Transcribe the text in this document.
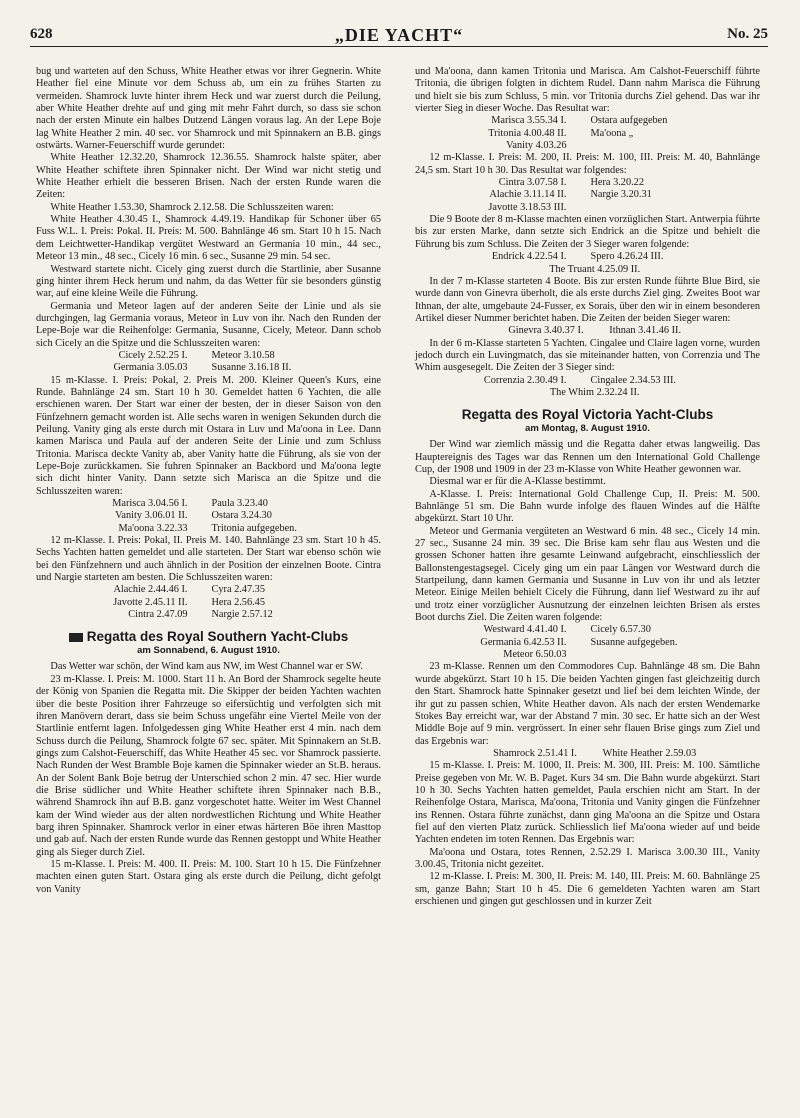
628	„DIE YACHT“	No. 25

bug und warteten auf den Schuss, White Heather etwas vor ihrer Gegnerin. White Heather fiel eine Minute vor dem Schuss ab, um ein zu frühes Starten zu vermeiden. Shamrock luvte hinter ihrem Heck und war zuerst durch die Peilung, aber White Heather drehte auf und ging mit mehr Fahrt durch, so dass sie schon nach der ersten Minute ein halbes Dutzend Längen voraus lag. An der Lepe Boje lag White Heather 2 min. 40 sec. vor Shamrock und mit Spinnakern an B.B. gings ostwärts. Warner-Feuerschiff wurde gerundet:

White Heather 12.32.20, Shamrock 12.36.55. Shamrock halste später, aber White Heather schiftete ihren Spinnaker nicht. Der Wind war nicht stetig und White Heather erhielt die besseren Brisen. Nach der ersten Runde waren die Zeiten:

White Heather 1.53.30, Shamrock 2.12.58. Die Schlusszeiten waren:

White Heather 4.30.45 I., Shamrock 4.49.19. Handikap für Schoner über 65 Fuss W.L. I. Preis: Pokal. II. Preis: M. 500. Bahnlänge 46 sm. Start 10 h 15. Nach dem Leichtwetter-Handikap vergütet Westward an Germania 10 min., 44 sec., Meteor 13 min., 48 sec., Cicely 16 min. 6 sec., Susanne 29 min. 54 sec.

Westward startete nicht. Cicely ging zuerst durch die Startlinie, aber Susanne ging hinter ihrem Heck herum und nahm, da das Wetter für sie besonders günstig war, auf eine kleine Weile die Führung.

Germania und Meteor lagen auf der anderen Seite der Linie und als sie durchgingen, lag Germania voraus, Meteor in Luv von ihr. Nach den Runden der Lepe-Boje war die Reihenfolge: Germania, Susanne, Cicely, Meteor. Dann schob sich Cicely an die Spitze und die Schlusszeiten waren:

Cicely 2.52.25 I.	Meteor 3.10.58
Germania 3.05.03	Susanne 3.16.18 II.

15 m-Klasse. I. Preis: Pokal, 2. Preis M. 200. Kleiner Queen's Kurs, eine Runde. Bahnlänge 24 sm. Start 10 h 30. Gemeldet hatten 6 Yachten, die alle erschienen waren. Der Start war einer der besten, der in dieser Saison von den Fünfzehnern gemacht worden ist. Alle sechs waren in wenigen Sekunden durch die Peilung. Vanity ging als erste durch mit Ostara in Luv und Ma'oona in Lee. Dann kamen Marisca und Paula auf der anderen Seite der Linie und zum Schluss Tritonia. Marisca deckte Vanity ab, aber Vanity hatte die Führung, als sie von der Lepe-Boje zurückkamen. Sie fuhren Spinnaker an Backbord und Ma'oona legte sich dicht hinter Vanity. Dann setzte sich Marisca an die Spitze und die Schlusszeiten waren:

Marisca 3.04.56 I.	Paula 3.23.40
Vanity 3.06.01 II.	Ostara 3.24.30
Ma'oona 3.22.33	Tritonia aufgegeben.

12 m-Klasse. I. Preis: Pokal, II. Preis M. 140. Bahnlänge 23 sm. Start 10 h 45. Sechs Yachten hatten gemeldet und alle starteten. Der Start war ebenso schön wie bei den Fünfzehnern und auch ähnlich in der Position der einzelnen Boote. Cintra und Nargie starteten am besten. Die Schlusszeiten waren:

Alachie 2.44.46 I.	Cyra 2.47.35
Javotte 2.45.11 II.	Hera 2.56.45
Cintra 2.47.09	Nargie 2.57.12
Regatta des Royal Southern Yacht-Clubs
am Sonnabend, 6. August 1910.

Das Wetter war schön, der Wind kam aus NW, im West Channel war er SW.

23 m-Klasse. I. Preis: M. 1000. Start 11 h. An Bord der Shamrock segelte heute der König von Spanien die Regatta mit. Die Skipper der beiden Yachten wachten über die beste Position ihrer Fahrzeuge so eifersüchtig und verfolgten sich mit ihren Manövern derart, dass sie beim Schuss ungefähr eine Viertel Meile von der Startlinie entfernt lagen. Infolgedessen ging White Heather erst 4 min. nach dem Schuss durch die Peilung, Shamrock folgte 67 sec. später. Mit Spinnakern an St.B. gings zum Calshot-Feuerschiff, das White Heather 45 sec. vor Shamrock passierte. Nach Runden der West Bramble Boje kamen die Spinnaker wieder an St.B. heraus. An der Solent Bank Boje betrug der Unterschied schon 2 min. 47 sec. Hier wurde die Brise südlicher und White Heather schiftete ihren Spinnaker nach B.B., während Shamrock ihn auf B.B. ganz vorgeschotet hatte. Weiter im West Channel kam der Wind wieder aus der alten nordwestlichen Richtung und White Heather barg ihren Spinnaker. Shamrock verlor in einer etwas härteren Böe ihren Masttop und gab auf. Nach der ersten Runde wurde das Rennen gestoppt und White Heather ging als Sieger durch Ziel.

15 m-Klasse. I. Preis: M. 400. II. Preis: M. 100. Start 10 h 15. Die Fünfzehner machten einen guten Start. Ostara ging als erste durch die Peilung, dicht gefolgt von Vanity

und Ma'oona, dann kamen Tritonia und Marisca. Am Calshot-Feuerschiff führte Tritonia, die übrigen folgten in dichtem Rudel. Dann nahm Marisca die Führung und hielt sie bis zum Schluss, 5 min. vor Tritonia durchs Ziel gehend. Das war ihr vierter Sieg in dieser Woche. Das Resultat war:

Marisca 3.55.34 I.	Ostara aufgegeben
Tritonia 4.00.48 II.	Ma'oona „
Vanity 4.03.26

12 m-Klasse. I. Preis: M. 200, II. Preis: M. 100, III. Preis: M. 40, Bahnlänge 24,5 sm. Start 10 h 30. Das Resultat war folgendes:

Cintra 3.07.58 I.	Hera 3.20.22
Alachie 3.11.14 II.	Nargie 3.20.31
Javotte 3.18.53 III.

Die 9 Boote der 8 m-Klasse machten einen vorzüglichen Start. Antwerpia führte bis zur ersten Marke, dann setzte sich Endrick an die Spitze und behielt die Führung bis zum Schluss. Die Zeiten der 3 Sieger waren folgende:

Endrick 4.22.54 I.	Spero 4.26.24 III.

The Truant 4.25.09 II.

In der 7 m-Klasse starteten 4 Boote. Bis zur ersten Runde führte Blue Bird, sie wurde dann von Ginevra überholt, die als erste durchs Ziel ging. Zweites Boot war Ithnan, der alte, umgebaute 24-Fusser, ex Sorais, über den wir in einem besonderen Artikel dieser Nummer berichtet haben. Die Zeiten der beiden Sieger waren:

Ginevra 3.40.37 I.          Ithnan 3.41.46 II.

In der 6 m-Klasse starteten 5 Yachten. Cingalee und Claire lagen vorne, wurden jedoch durch ein Luvingmatch, das sie miteinander hatten, von Correnzia und The Whim ausgesegelt. Die Zeiten der 3 Sieger sind:

Correnzia 2.30.49 I.	Cingalee 2.34.53 III.

The Whim 2.32.24 II.

Regatta des Royal Victoria Yacht-Clubs
am Montag, 8. August 1910.

Der Wind war ziemlich mässig und die Regatta daher etwas langweilig. Das Hauptereignis des Tages war das Rennen um den International Gold Challenge Cup, der 1908 und 1909 in der 23 m-Klasse von White Heather gewonnen war.

Diesmal war er für die A-Klasse bestimmt.

A-Klasse. I. Preis: International Gold Challenge Cup, II. Preis: M. 500. Bahnlänge 51 sm. Die Bahn wurde infolge des flauen Windes auf die Hälfte abgekürzt. Start 10 Uhr.

Meteor und Germania vergüteten an Westward 6 min. 48 sec., Cicely 14 min. 27 sec., Susanne 24 min. 39 sec. Die Brise kam sehr flau aus Westen und die grossen Schoner hatten ihre gesamte Leinwand aufgebracht, einschliesslich der Ballonstengestagsegel. Cicely ging um ein paar Längen vor Westward durch die Startpeilung, dann kamen Germania und Susanne in Luv von ihr und als letzter Meteor. Einige Meilen behielt Cicely die Führung, dann lief Westward zu ihr auf und trotz einer vorzüglicher Ausnutzung der einzelnen leichten Brisen als erstes Boot durchs Ziel. Die Zeiten waren folgende:

Westward 4.41.40 I.	Cicely 6.57.30
Germania 6.42.53 II.	Susanne aufgegeben.
Meteor 6.50.03

23 m-Klasse. Rennen um den Commodores Cup. Bahnlänge 48 sm. Die Bahn wurde abgekürzt. Start 10 h 15. Die beiden Yachten gingen fast gleichzeitig durch den Start. Shamrock hatte Spinnaker gesetzt und lief bei dem leichten Winde, der ihr gut zu passen schien, White Heather davon. Als nach der ersten Wendemarke Stokes Bay erreicht war, war der Abstand 7 min. 30 sec. Er hatte sich an der West Middle Boje auf 9 min. vergrössert. In einer sehr flauen Brise gings zum Ziel und das Ergebnis war:

Shamrock 2.51.41 I.          White Heather 2.59.03

15 m-Klasse. I. Preis: M. 1000, II. Preis: M. 300, III. Preis: M. 100. Sämtliche Preise gegeben von Mr. W. B. Paget. Kurs 34 sm. Die Bahn wurde abgekürzt. Start 10 h 30. Sechs Yachten hatten gemeldet, Paula erschien nicht am Start. In der Reihenfolge Ostara, Marisca, Ma'oona, Tritonia und Vanity gingen die Fünfzehner ins Rennen. Ostara führte zunächst, dann ging Ma'oona an die Spitze und Ostara fiel auf den vierten Platz zurück. Schliesslich lief Ma'oona wieder auf und beide Yachten endeten im toten Rennen. Das Ergebnis war:

Ma'oona und Ostara, totes Rennen, 2.52.29 I. Marisca 3.00.30 III., Vanity 3.00.45, Tritonia nicht gezeitet.

12 m-Klasse. I. Preis: M. 300, II. Preis: M. 140, III. Preis: M. 60. Bahnlänge 25 sm, ganze Bahn; Start 10 h 45. Die 6 gemeldeten Yachten waren am Start erschienen und gingen gut geschlossen und in kurzer Zeit
